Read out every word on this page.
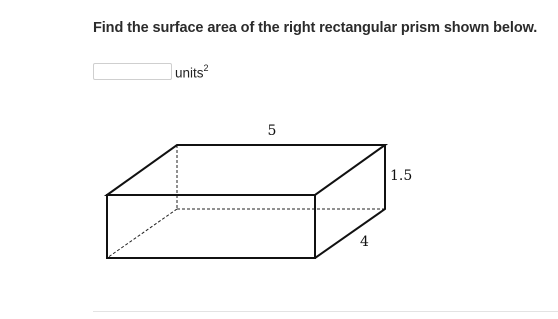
Find the surface area of the right rectangular prism shown below.
units$^2$
5
1.5
4
